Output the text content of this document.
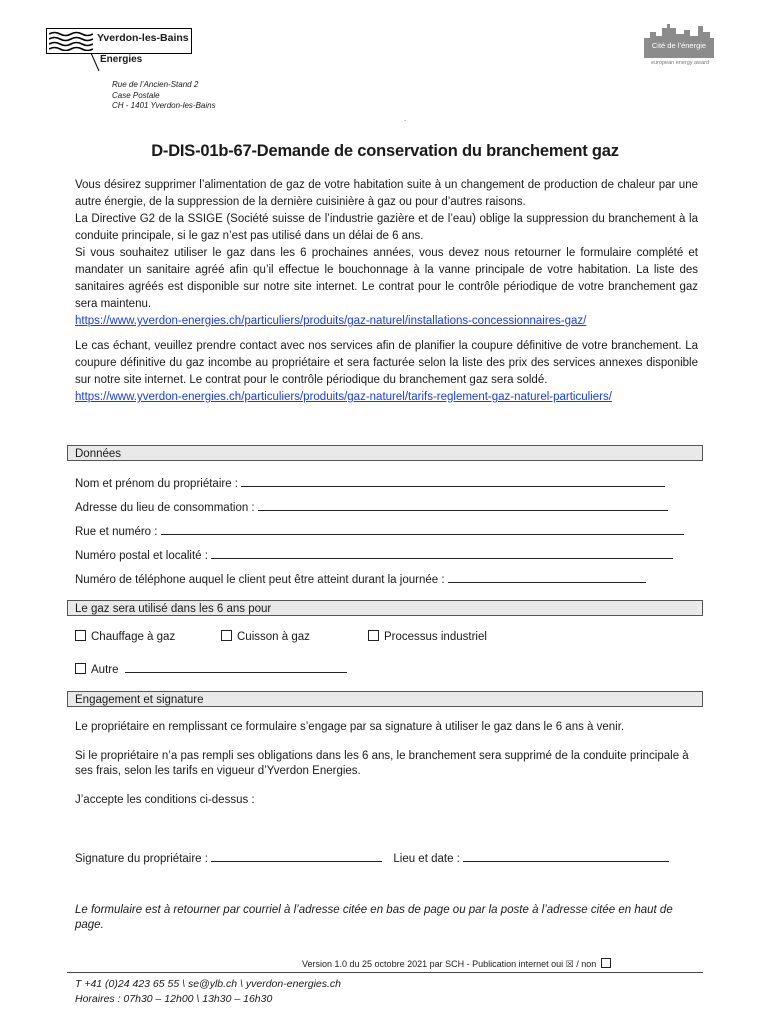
Yverdon-les-Bains
Énergies
Rue de l’Ancien-Stand 2
Case Postale
CH - 1401 Yverdon-les-Bains
Cité de l’énergie
european energy award
.
D-DIS-01b-67-Demande de conservation du branchement gaz

Vous désirez supprimer l’alimentation de gaz de votre habitation suite à un changement de production de chaleur par une autre énergie, de la suppression de la dernière cuisinière à gaz ou pour d’autres raisons.

La Directive G2 de la SSIGE (Société suisse de l’industrie gazière et de l’eau) oblige la suppression du branchement à la conduite principale, si le gaz n’est pas utilisé dans un délai de 6 ans.

Si vous souhaitez utiliser le gaz dans les 6 prochaines années, vous devez nous retourner le formulaire complété et mandater un sanitaire agréé afin qu’il effectue le bouchonnage à la vanne principale de votre habitation. La liste des sanitaires agréés est disponible sur notre site internet. Le contrat pour le contrôle périodique de votre branchement gaz sera maintenu.

https://www.yverdon-energies.ch/particuliers/produits/gaz-naturel/installations-concessionnaires-gaz/

Le cas échant, veuillez prendre contact avec nos services afin de planifier la coupure définitive de votre branchement. La coupure définitive du gaz incombe au propriétaire et sera facturée selon la liste des prix des services annexes disponible sur notre site internet. Le contrat pour le contrôle périodique du branchement gaz sera soldé.

https://www.yverdon-energies.ch/particuliers/produits/gaz-naturel/tarifs-reglement-gaz-naturel-particuliers/

Données
Nom et prénom du propriétaire :
Adresse du lieu de consommation :
Rue et numéro :
Numéro postal et localité :
Numéro de téléphone auquel le client peut être atteint durant la journée :
Le gaz sera utilisé dans les 6 ans pour
Chauffage à gaz	Cuisson à gaz	Processus industriel
Autre
Engagement et signature
Le propriétaire en remplissant ce formulaire s’engage par sa signature à utiliser le gaz dans le 6 ans à venir.
Si le propriétaire n’a pas rempli ses obligations dans les 6 ans, le branchement sera supprimé de la conduite principale à ses frais, selon les tarifs en vigueur d’Yverdon Energies.
J’accepte les conditions ci-dessus :
Signature du propriétaire :	Lieu et date :
Le formulaire est à retourner par courriel à l’adresse citée en bas de page ou par la poste à l’adresse citée en haut de page.
Version 1.0 du 25 octobre 2021 par SCH - Publication internet oui ☒ / non
T +41 (0)24 423 65 55 \ se@ylb.ch \ yverdon-energies.ch
Horaires : 07h30 – 12h00 \ 13h30 – 16h30
